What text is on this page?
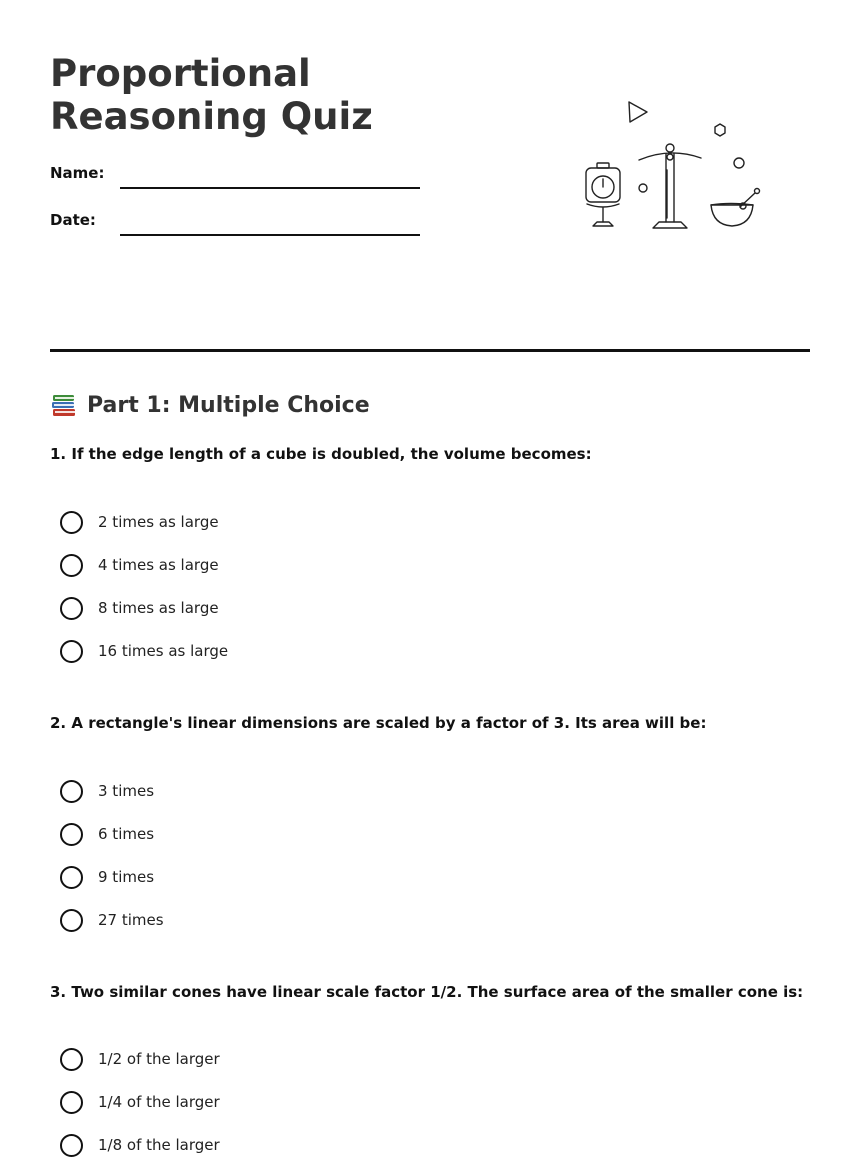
Proportional Reasoning Quiz
Name:
Date:
Part 1: Multiple Choice

1. If the edge length of a cube is doubled, the volume becomes:

2 times as large
4 times as large
8 times as large
16 times as large

2. A rectangle's linear dimensions are scaled by a factor of 3. Its area will be:

3 times
6 times
9 times
27 times

3. Two similar cones have linear scale factor 1/2. The surface area of the smaller cone is:

1/2 of the larger
1/4 of the larger
1/8 of the larger
